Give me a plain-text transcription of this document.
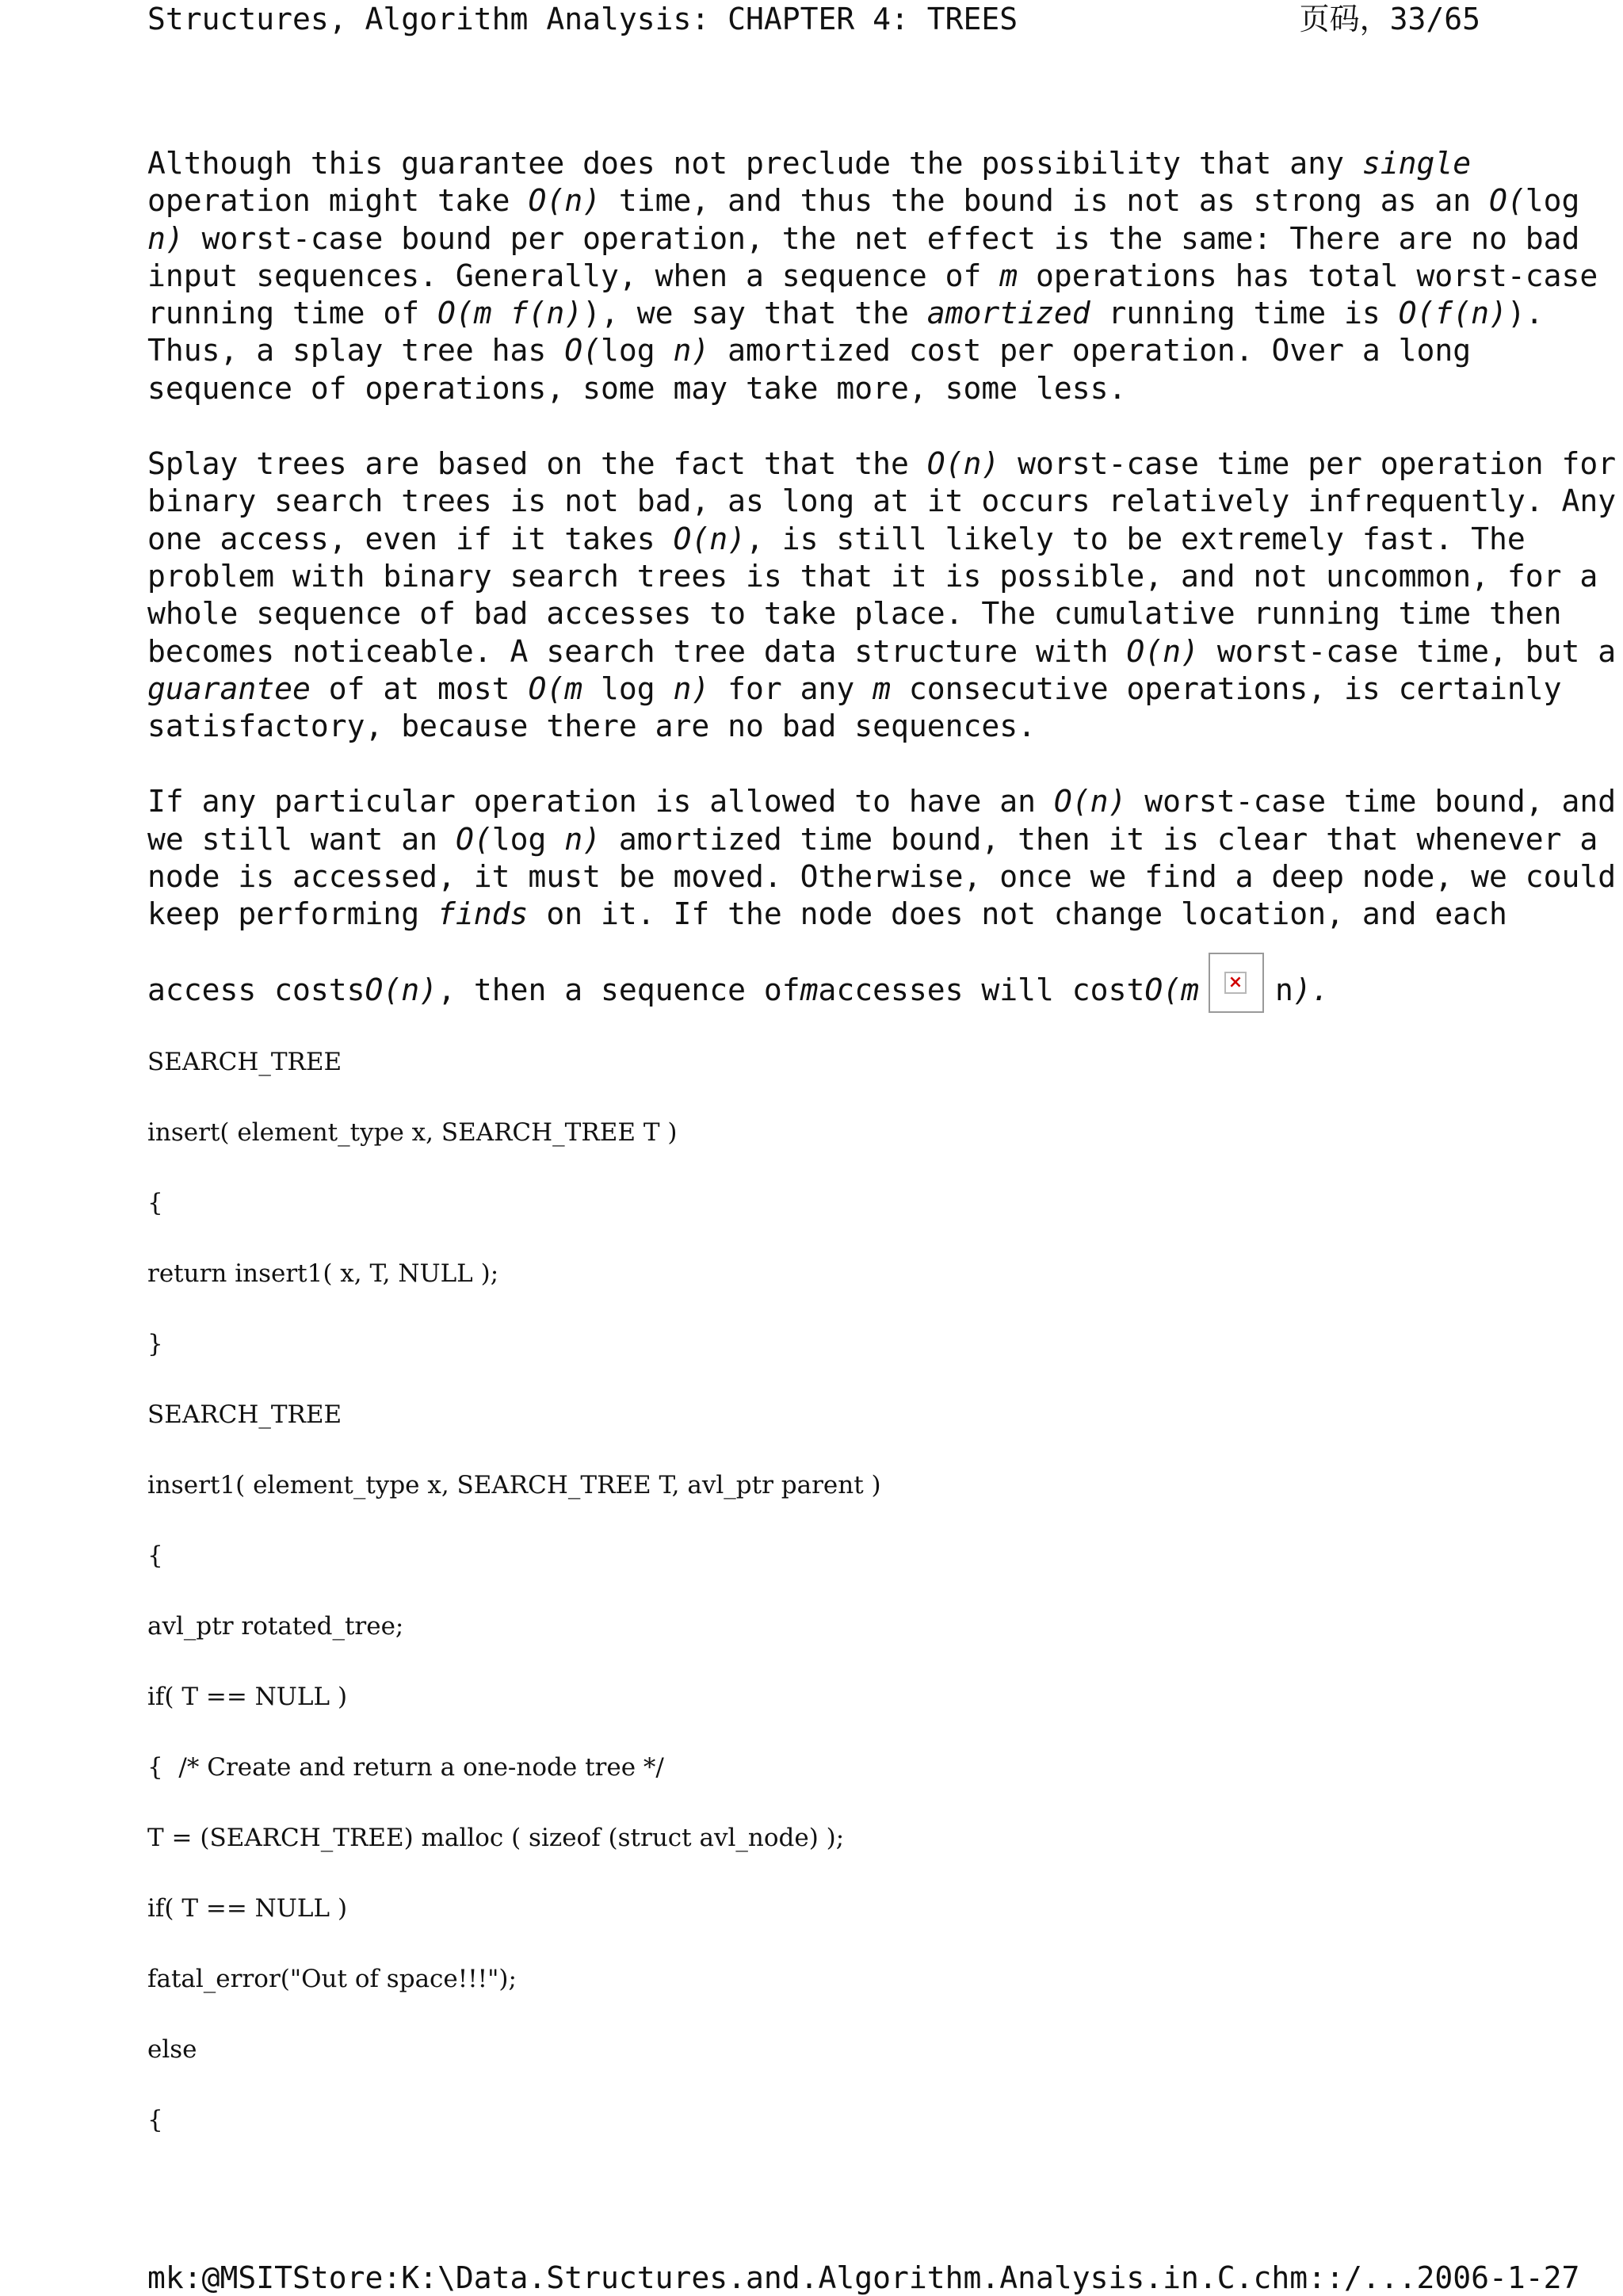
Structures, Algorithm Analysis: CHAPTER 4: TREES	页码，33/65
Although this guarantee does not preclude the possibility that any single
operation might take O(n) time, and thus the bound is not as strong as an O(log
n) worst-case bound per operation, the net effect is the same: There are no bad
input sequences. Generally, when a sequence of m operations has total worst-case
running time of O(m f(n)), we say that the amortized running time is O(f(n)).
Thus, a splay tree has O(log n) amortized cost per operation. Over a long
sequence of operations, some may take more, some less.
Splay trees are based on the fact that the O(n) worst-case time per operation for
binary search trees is not bad, as long at it occurs relatively infrequently. Any
one access, even if it takes O(n), is still likely to be extremely fast. The
problem with binary search trees is that it is possible, and not uncommon, for a
whole sequence of bad accesses to take place. The cumulative running time then
becomes noticeable. A search tree data structure with O(n) worst-case time, but a
guarantee of at most O(m log n) for any m consecutive operations, is certainly
satisfactory, because there are no bad sequences.
If any particular operation is allowed to have an O(n) worst-case time bound, and
we still want an O(log n) amortized time bound, then it is clear that whenever a
node is accessed, it must be moved. Otherwise, once we find a deep node, we could
keep performing finds on it. If the node does not change location, and each
access costs O(n) , then a sequence of m accesses will cost O(m × n ).

SEARCH_TREE

insert( element_type x, SEARCH_TREE T )

{

return insert1( x, T, NULL );

}

SEARCH_TREE

insert1( element_type x, SEARCH_TREE T, avl_ptr parent )

{

avl_ptr rotated_tree;

if( T == NULL )

{  /* Create and return a one-node tree */

T = (SEARCH_TREE) malloc ( sizeof (struct avl_node) );

if( T == NULL )

fatal_error("Out of space!!!");

else

{

mk:@MSITStore:K:\Data.Structures.and.Algorithm.Analysis.in.C.chm::/... 2006-1-27
